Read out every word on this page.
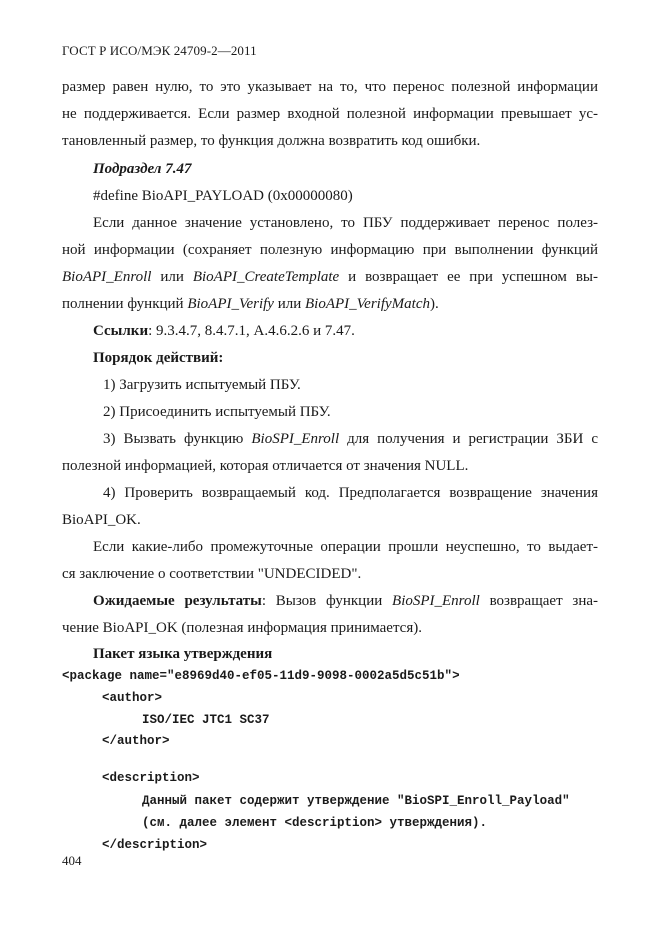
ГОСТ Р ИСО/МЭК 24709-2—2011
размер равен нулю, то это указывает на то, что перенос полезной информации
не поддерживается. Если размер входной полезной информации превышает ус-
тановленный размер, то функция должна возвратить код ошибки.
Подраздел 7.47
#define BioAPI_PAYLOAD (0x00000080)
Если данное значение установлено, то ПБУ поддерживает перенос полез-
ной информации (сохраняет полезную информацию при выполнении функций
BioAPI_Enroll или BioAPI_CreateTemplate и возвращает ее при успешном вы-
полнении функций BioAPI_Verify или BioAPI_VerifyMatch).
Ссылки: 9.3.4.7, 8.4.7.1, A.4.6.2.6 и 7.47.
Порядок действий:
1) Загрузить испытуемый ПБУ.
2) Присоединить испытуемый ПБУ.
3) Вызвать функцию BioSPI_Enroll для получения и регистрации ЗБИ с
полезной информацией, которая отличается от значения NULL.
4) Проверить возвращаемый код. Предполагается возвращение значения
BioAPI_OK.
Если какие-либо промежуточные операции прошли неуспешно, то выдает-
ся заключение о соответствии "UNDECIDED".
Ожидаемые результаты: Вызов функции BioSPI_Enroll возвращает зна-
чение BioAPI_OK (полезная информация принимается).
Пакет языка утверждения
<package name="e8969d40-ef05-11d9-9098-0002a5d5c51b">
<author>
ISO/IEC JTC1 SC37
</author>
<description>
Данный пакет содержит утверждение "BioSPI_Enroll_Payload"
(см. далее элемент <description> утверждения).
</description>
404
